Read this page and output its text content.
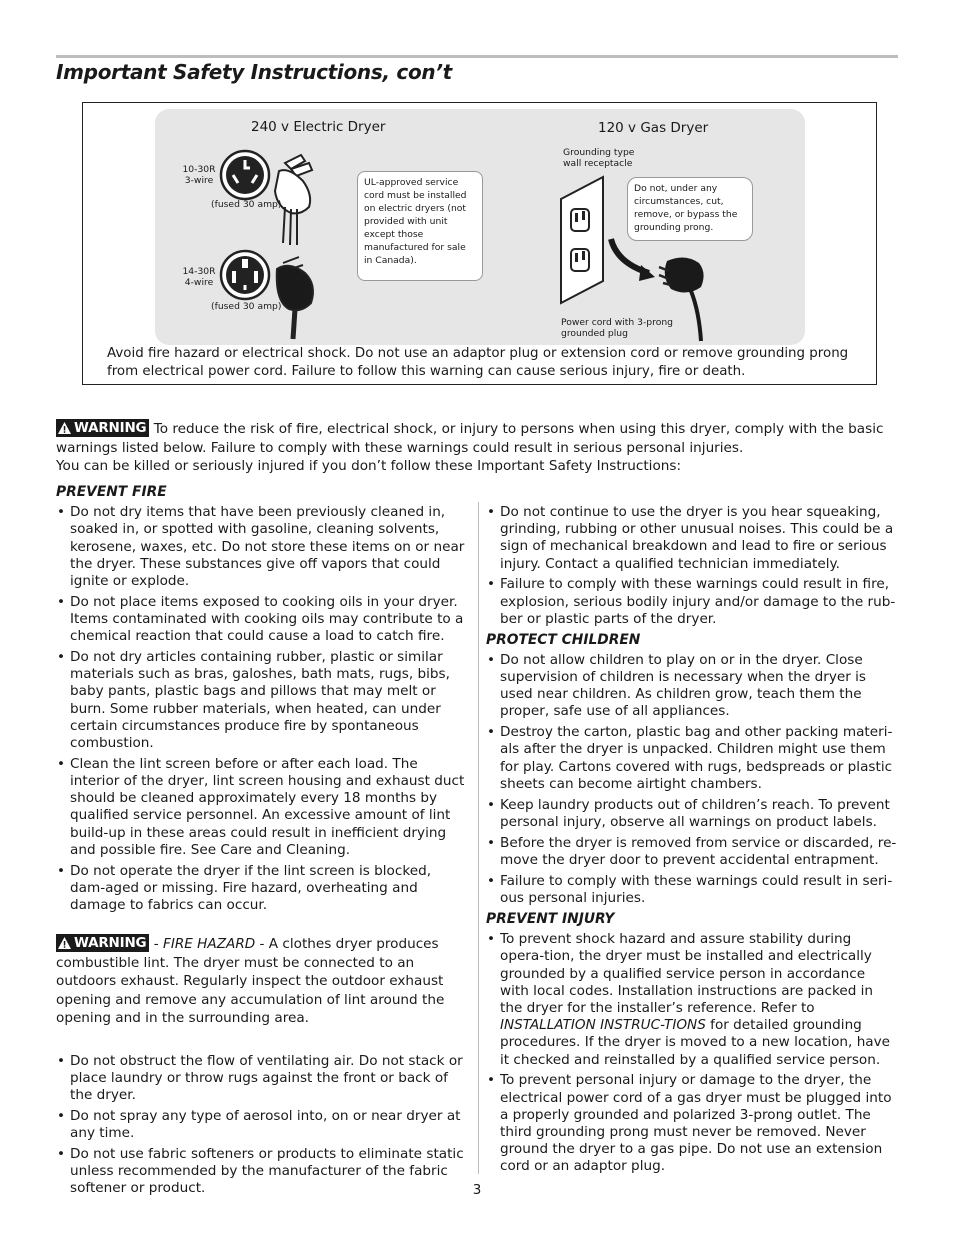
Important Safety Instructions, con’t
240 v Electric Dryer
10-30R
3-wire
(fused 30 amp)
14-30R
4-wire
(fused 30 amp)
UL-approved service cord must be installed on electric dryers (not provided with unit except those manufactured for sale in Canada).
120 v Gas Dryer
Grounding type wall receptacle
Do not, under any circumstances, cut, remove, or bypass the grounding prong.
Power cord with 3-prong grounded plug
Avoid fire hazard or electrical shock. Do not use an adaptor plug or extension cord or remove grounding prong from electrical power cord. Failure to follow this warning can cause serious injury, fire or death.
WARNING To reduce the risk of fire, electrical shock, or injury to persons when using this dryer, comply with the basic warnings listed below. Failure to comply with these warnings could result in serious personal injuries.
You can be killed or seriously injured if you don’t follow these Important Safety Instructions:
PREVENT FIRE
• Do not dry items that have been previously cleaned in, soaked in, or spotted with gasoline, cleaning solvents, kerosene, waxes, etc. Do not store these items on or near the dryer. These substances give off vapors that could ignite or explode.
• Do not place items exposed to cooking oils in your dryer. Items contaminated with cooking oils may contribute to a chemical reaction that could cause a load to catch fire.
• Do not dry articles containing rubber, plastic or similar materials such as bras, galoshes, bath mats, rugs, bibs, baby pants, plastic bags and pillows that may melt or burn. Some rubber materials, when heated, can under certain circumstances produce fire by spontaneous combustion.
• Clean the lint screen before or after each load. The interior of the dryer, lint screen housing and exhaust duct should be cleaned approximately every 18 months by qualified service personnel. An excessive amount of lint build-up in these areas could result in inefficient drying and possible fire. See Care and Cleaning.
• Do not operate the dryer if the lint screen is blocked, dam-aged or missing. Fire hazard, overheating and damage to fabrics can occur.
WARNING - FIRE HAZARD - A clothes dryer produces combustible lint. The dryer must be connected to an outdoors exhaust. Regularly inspect the outdoor exhaust opening and remove any accumulation of lint around the opening and in the surrounding area.
• Do not obstruct the flow of ventilating air. Do not stack or place laundry or throw rugs against the front or back of the dryer.
• Do not spray any type of aerosol into, on or near dryer at any time.
• Do not use fabric softeners or products to eliminate static unless recommended by the manufacturer of the fabric softener or product.
• Do not continue to use the dryer is you hear squeaking, grinding, rubbing or other unusual noises. This could be a sign of mechanical breakdown and lead to fire or serious injury. Contact a qualified technician immediately.
• Failure to comply with these warnings could result in fire, explosion, serious bodily injury and/or damage to the rub-ber or plastic parts of the dryer.
PROTECT CHILDREN
• Do not allow children to play on or in the dryer. Close supervision of children is necessary when the dryer is used near children. As children grow, teach them the proper, safe use of all appliances.
• Destroy the carton, plastic bag and other packing materi-als after the dryer is unpacked. Children might use them for play. Cartons covered with rugs, bedspreads or plastic sheets can become airtight chambers.
• Keep laundry products out of children’s reach. To prevent personal injury, observe all warnings on product labels.
• Before the dryer is removed from service or discarded, re-move the dryer door to prevent accidental entrapment.
• Failure to comply with these warnings could result in seri-ous personal injuries.
PREVENT INJURY
• To prevent shock hazard and assure stability during opera-tion, the dryer must be installed and electrically grounded by a qualified service person in accordance with local codes. Installation instructions are packed in the dryer for the installer’s reference. Refer to INSTALLATION INSTRUC-TIONS for detailed grounding procedures. If the dryer is moved to a new location, have it checked and reinstalled by a qualified service person.
• To prevent personal injury or damage to the dryer, the electrical power cord of a gas dryer must be plugged into a properly grounded and polarized 3-prong outlet. The third grounding prong must never be removed. Never ground the dryer to a gas pipe. Do not use an extension cord or an adaptor plug.
3
